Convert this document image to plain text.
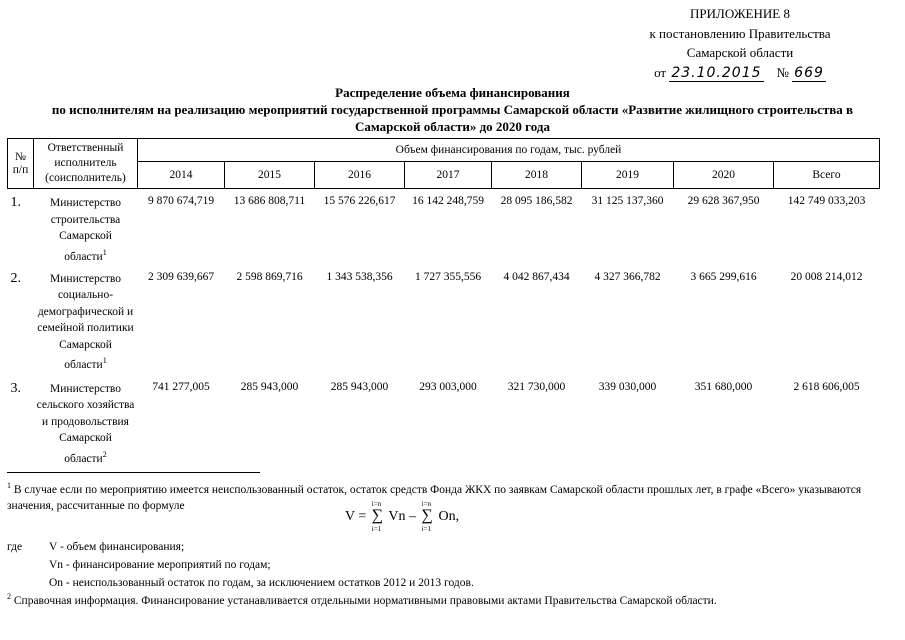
ПРИЛОЖЕНИЕ 8
к постановлению Правительства
Самарской области
от 23.10.2015 № 669
Распределение объема финансирования
по исполнителям на реализацию мероприятий государственной программы Самарской области «Развитие жилищного строительства в
Самарской области» до 2020 года
№ п/п	Ответственный исполнитель (соисполнитель)	Объем финансирования по годам, тыс. рублей							
		2014	2015	2016	2017	2018	2019	2020	Всего
1.	Министерство строительства Самарской области$^1$	9 870 674,719	13 686 808,711	15 576 226,617	16 142 248,759	28 095 186,582	31 125 137,360	29 628 367,950	142 749 033,203
2.	Министерство социально-демографической и семейной политики Самарской области$^1$	2 309 639,667	2 598 869,716	1 343 538,356	1 727 355,556	4 042 867,434	4 327 366,782	3 665 299,616	20 008 214,012
3.	Министерство сельского хозяйства и продовольствия Самарской области$^2$	741 277,005	285 943,000	285 943,000	293 003,000	321 730,000	339 030,000	351 680,000	2 618 606,005
$^1$ В случае если по мероприятию имеется неиспользованный остаток, остаток средств Фонда ЖКХ по заявкам Самарской области прошлых лет, в графе «Всего» указываются значения, рассчитанные по формуле
V = ∑
i=n
i=1
Vn – ∑
i=n
i=1
On,
где V - объем финансирования;
Vn - финансирование мероприятий по годам;
On - неиспользованный остаток по годам, за исключением остатков 2012 и 2013 годов.
$^2$ Справочная информация. Финансирование устанавливается отдельными нормативными правовыми актами Правительства Самарской области.
